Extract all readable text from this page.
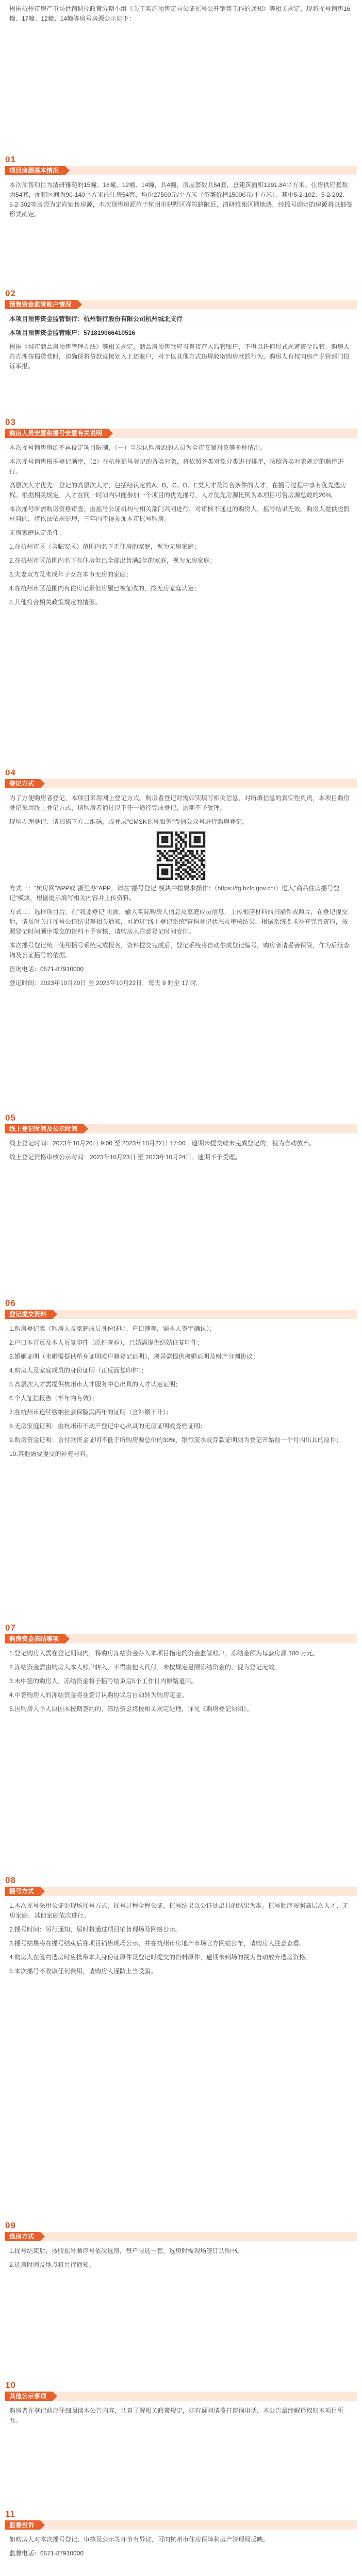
根据杭州市房产市场供销调控政策分期小组《关于实施预售定向公证摇号公开销售工作的通知》等相关规定，现将摇号销售16幢、17幢、12幢、14幢等房号房源公示如下：
01
项目房源基本情况

本次预售项目为清研雅苑的15幢、16幢、12幢、14幢，共4幢，房屋套数共54套，总建筑面积1291.84平方米。住房供应套数为54套，面积区间为90-140平方米的住房54套，均价27500元/平方米（备案价格15000元/平方米），其中5-2-102、5-2-202、5-2-302等房源为定向销售房源，本次预售房源位于杭州市拱墅区祥符路附近，清研雅苑区域地块，经摇号确定的房源将以抽签形式确定。

02
预售资金监管账户情况

本项目预售资金监管银行：杭州银行股份有限公司杭州城北支行

本项目预售资金监管账户：571819066410516

根据《城市商品房预售管理办法》等相关规定，商品房预售款应当直接存入监管账户，不得以任何形式规避资金监管。购房人在办理按揭贷款时，请确保将贷款直接划入上述账户，对于以其他方式违规收取购房款的行为，购房人有权向房产主管部门投诉举报。

03
购房人员安置和摇号安置有关说明

本次摇号销售房源不再设定项目限制，（一）当次认购房源的人员为全市安置对象等多种情况。

本次摇号销售根据登记顺序，（2）在杭州摇号登记的各类对象，将依照各类对象分类进行排序，按照各类对象规定的顺序进行。

高层次人才优先：登记的高层次人才，包括经认定的A、B、C、D、E类人才及符合条件的人才，在摇号过程中享有优先选房权。根据相关规定，人才在同一时间内只能参加一个项目的优先摇号，人才优先房源比例为本项目可售房源总数的20%。

本次摇号所需购房资格审查，由摇号公证机构与相关部门共同进行，对审核不通过的购房人，摇号结果无效。购房人提供虚假材料的，将依法依规处理，三年内不得参加本市摇号购房。

无房家庭认定条件：

1.在杭州市区（含临安区）范围内名下无住房的家庭，视为无房家庭；

2.在杭州市区范围内名下有住房但已全部出售满2年的家庭，视为无房家庭；

3.夫妻双方及未成年子女在本市无房的家庭；

4.在杭州市区范围内有住房记录但房屋已被征收的，按无房家庭认定；

5.其他符合相关政策规定的情形。

04
登记方式

为了方便购房者登记，本项目采用网上登记方式。购房者登记时需如实填写相关信息，对所填信息的真实性负责，本项目购房登记采用线上登记方式，请购房者通过以下任一途径完成登记，逾期不予受理。

现场办理登记：请扫描下方二维码，或登录"CMSK摇号服务"微信公众号进行购房登记。

方式一："杭房网"APP或"浙里办"APP，请在"摇号登记"模块中按要求操作：（https://fg.hzfc.gov.cn/）进入"商品住房摇号登记"模块，根据提示填写相关内容并上传资料。

方式二：选择项目后，在"我要登记"页面，输入实际购房人信息及家庭成员信息，上传相应材料的扫描件或照片，在登记提交后，请及时关注摇号公证结果等相关通知，可通过"线上登记系统"查询登记状态及审核结果，根据系统要求补充完善资料，按照登记时间顺序提交的资料不予审核，请购房人注意登记时间安排。

本次摇号登记统一使用摇号系统完成报名，资料提交完成后，登记系统将自动生成登记编号，购房者请妥善保管，作为后续查询及公证摇号的依据。

咨询电话：0571-87910000

登记时间：2023年10月20日 至 2023年10月22日，每天 9 时至 17 时。

05
线上登记时间及公示时间

线上登记时间：2023年10月20日 9:00 至 2023年10月22日 17:00。逾期未提交或未完成登记的，视为自动放弃。

线上登记资格审核公示时间：2023年10月23日 至 2023年10月24日。逾期不予受理。

06
登记提交资料

1.购房登记表（购房人及家庭成员身份证明、户口簿等，需本人签字确认）；

2.户口本首页及本人页复印件（原件查验），已婚需提供结婚证复印件；

3.婚姻证明（未婚需提供单身证明或户籍登记证明），离异需提供离婚证明及财产分割协议；

4.购房人及家庭成员的身份证明（正反面复印件）；

5.高层次人才需提供杭州市人才服务中心出具的人才认定证明；

6.个人征信报告（半年内有效）；

7.在杭州市连续缴纳社会保险满两年的证明（含补缴不计）；

8.无房家庭证明：由杭州市不动产登记中心出具的无房证明或查档证明；

9.购房资金证明：首付款资金证明不低于所购房源总价的30%，银行流水或存款证明须为登记开始前一个月内出具的原件；

10.其他需要提交的补充材料。

07
购房资金冻结事项

1.登记购房人需在登记期间内，将购房冻结资金存入本项目指定的资金监管账户，冻结金额为每套房源 100 万元。

2.冻结资金需由购房人本人账户转入，不得由他人代付，未按规定足额冻结资金的，视为登记无效。

3.未中签的购房人，冻结资金将于摇号结束后5个工作日内原路退回。

4.中签购房人的冻结资金将在签订认购协议后自动转为购房定金。

5.因购房人个人原因未按期签约的，冻结资金将按相关规定处理，详见《购房登记须知》。

08
摇号方式

1.本次摇号采用公证处现场摇号方式，摇号过程全程公证，摇号结果以公证处出具的结果为准。摇号顺序按照高层次人才、无房家庭、其他家庭依次进行。

2.摇号时间：另行通知，届时将通过项目销售现场及网络公示。

3.摇号结果将在摇号结束后在项目销售现场公示，并在杭州市房地产市场官方网站公布，请购房人注意查看。

4.购房人在签约选房时应携带本人身份证原件及登记时提交的资料原件，逾期未到场的视为自动放弃选房资格。

5.本次摇号不收取任何费用，请购房人谨防上当受骗。

09
选房方式

1.摇号结束后，按照摇号顺序号依次选房，每户限选一套，选房时需现场签订认购书。

2.选房时间及地点将另行通知。

10
其他公示事项

购房者在登记前应仔细阅读本公告内容，认真了解相关政策规定，如有疑问请拨打咨询电话，本公告最终解释权归本项目所有。

11
监督投诉

如购房人对本次摇号登记、审核及公示等环节有异议，可向杭州市住房保障和房产管理局反映。

监督电话：0571-87910000
